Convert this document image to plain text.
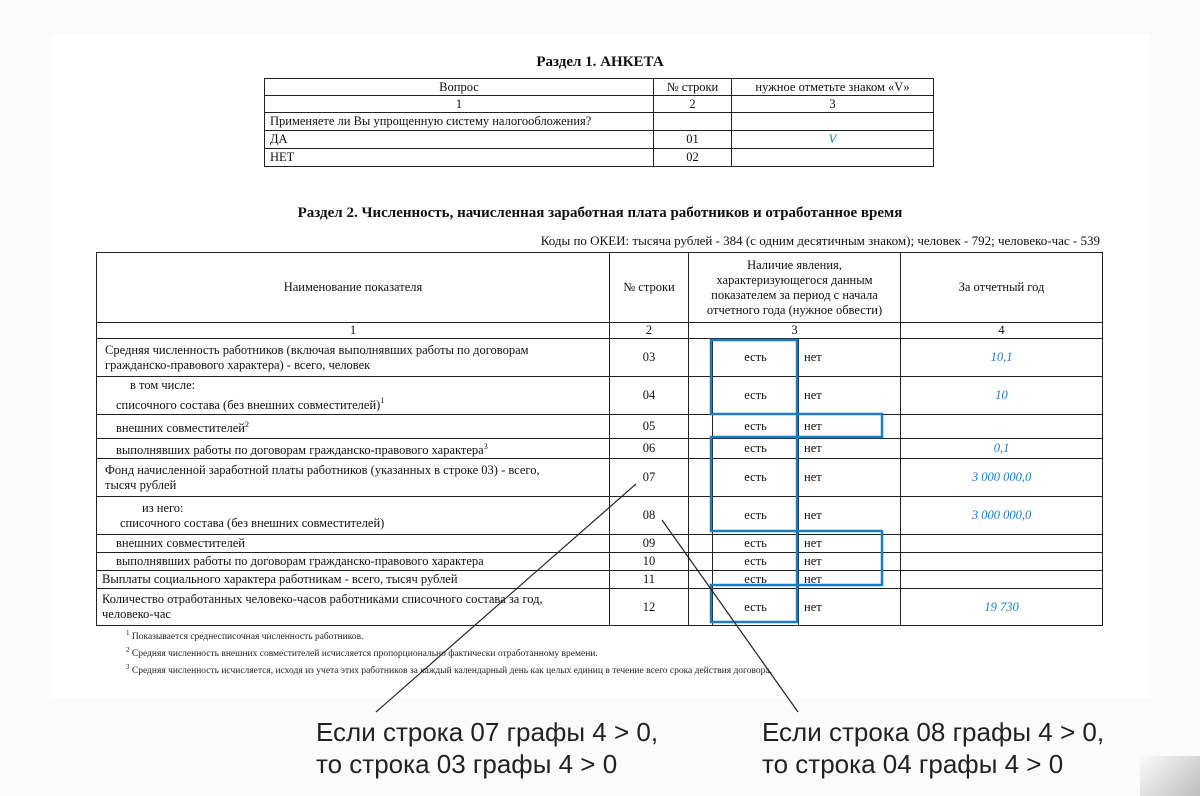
Раздел 1. АНКЕТА
Вопрос	№ строки	нужное отметьте знаком «V»
1	2	3
Применяете ли Вы упрощенную систему налогообложения?		
ДА	01	V
НЕТ	02	
Раздел 2. Численность, начисленная заработная плата работников и отработанное время
Коды по ОКЕИ: тысяча рублей - 384 (с одним десятичным знаком); человек - 792; человеко-час - 539
Наименование показателя	№ строки	Наличие явления, характеризующегося данным показателем за период с начала отчетного года (нужное обвести)			За отчетный год
1	2	3			4
Средняя численность работников (включая выполнявших работы по договорам
гражданско-правового характера) - всего, человек	03		есть	нет	10,1
в том числе:
списочного состава (без внешних совместителей)$^1$	04		есть	нет	10
внешних совместителей$^2$	05		есть	нет	
выполнявших работы по договорам гражданско-правового характера$^3$	06		есть	нет	0,1
Фонд начисленной заработной платы работников (указанных в строке 03) - всего,
тысяч рублей	07		есть	нет	3 000 000,0
из него:
списочного состава (без внешних совместителей)	08		есть	нет	3 000 000,0
внешних совместителей	09		есть	нет	
выполнявших работы по договорам гражданско-правового характера	10		есть	нет	
Выплаты социального характера работникам - всего, тысяч рублей	11		есть	нет	
Количество отработанных человеко-часов работниками списочного состава за год,
человеко-час	12		есть	нет	19 730
$^1$ Показывается среднесписочная численность работников.
$^2$ Средняя численность внешних совместителей исчисляется пропорционально фактически отработанному времени.
$^3$ Средняя численность исчисляется, исходя из учета этих работников за каждый календарный день как целых единиц в течение всего срока действия договора.
Если строка 07 графы 4 > 0,
то строка 03 графы 4 > 0
Если строка 08 графы 4 > 0,
то строка 04 графы 4 > 0
